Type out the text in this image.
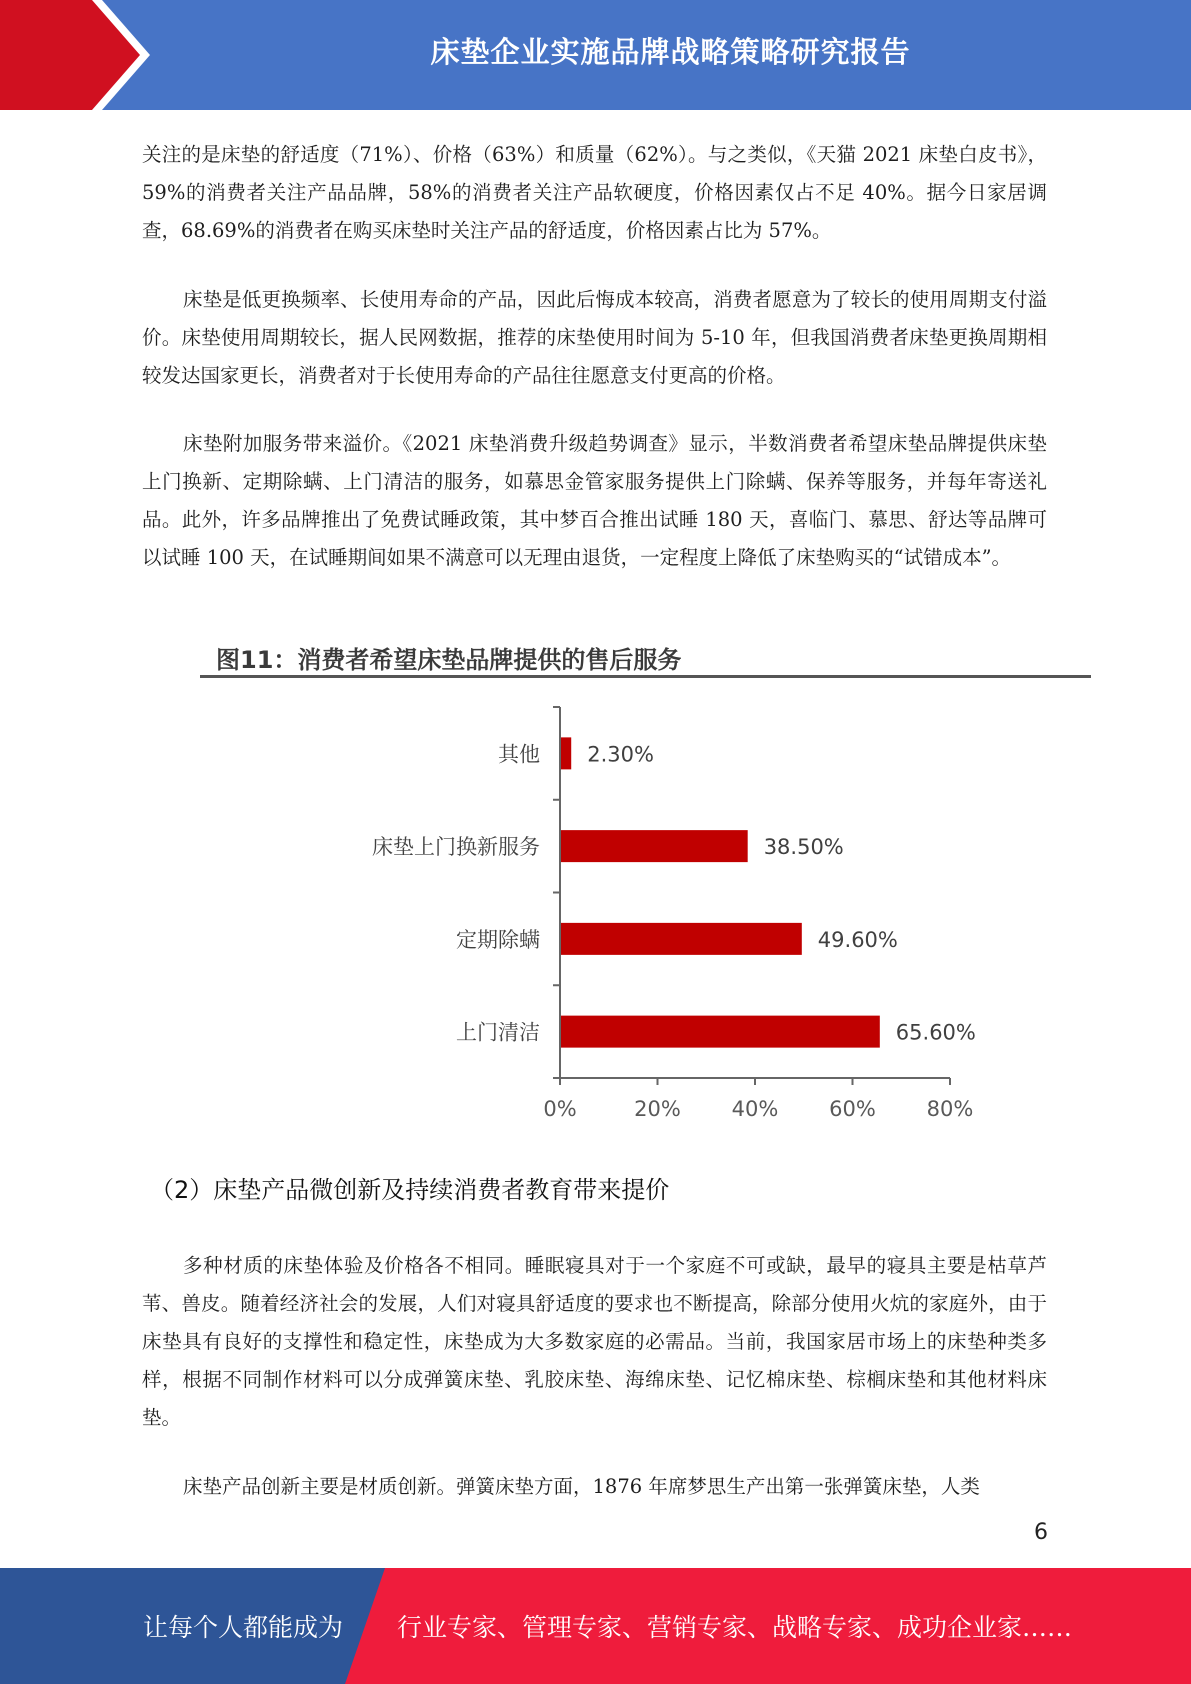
床垫企业实施品牌战略策略研究报告

关注的是床垫的舒适度（71%）、价格（63%）和质量（62%）。与之类似，《天猫 2021 床垫白皮书》，59%的消费者关注产品品牌，58%的消费者关注产品软硬度，价格因素仅占不足 40%。据今日家居调查，68.69%的消费者在购买床垫时关注产品的舒适度，价格因素占比为 57%。

床垫是低更换频率、长使用寿命的产品，因此后悔成本较高，消费者愿意为了较长的使用周期支付溢价。床垫使用周期较长，据人民网数据，推荐的床垫使用时间为 5-10 年，但我国消费者床垫更换周期相较发达国家更长，消费者对于长使用寿命的产品往往愿意支付更高的价格。

床垫附加服务带来溢价。《2021 床垫消费升级趋势调查》显示，半数消费者希望床垫品牌提供床垫上门换新、定期除螨、上门清洁的服务，如慕思金管家服务提供上门除螨、保养等服务，并每年寄送礼品。此外，许多品牌推出了免费试睡政策，其中梦百合推出试睡 180 天，喜临门、慕思、舒达等品牌可以试睡 100 天，在试睡期间如果不满意可以无理由退货，一定程度上降低了床垫购买的“试错成本”。

图11：消费者希望床垫品牌提供的售后服务
0%	20% 40% 60% 80%
其他 2.30%
床垫上门换新服务	38.50%
定期除螨	49.60%
上门清洁	65.60%
（2）床垫产品微创新及持续消费者教育带来提价

多种材质的床垫体验及价格各不相同。睡眠寝具对于一个家庭不可或缺，最早的寝具主要是枯草芦苇、兽皮。随着经济社会的发展，人们对寝具舒适度的要求也不断提高，除部分使用火炕的家庭外，由于床垫具有良好的支撑性和稳定性，床垫成为大多数家庭的必需品。当前，我国家居市场上的床垫种类多样，根据不同制作材料可以分成弹簧床垫、乳胶床垫、海绵床垫、记忆棉床垫、棕榈床垫和其他材料床垫。

床垫产品创新主要是材质创新。弹簧床垫方面，1876 年席梦思生产出第一张弹簧床垫，人类

6
让每个人都能成为 行业专家、管理专家、营销专家、战略专家、成功企业家……
